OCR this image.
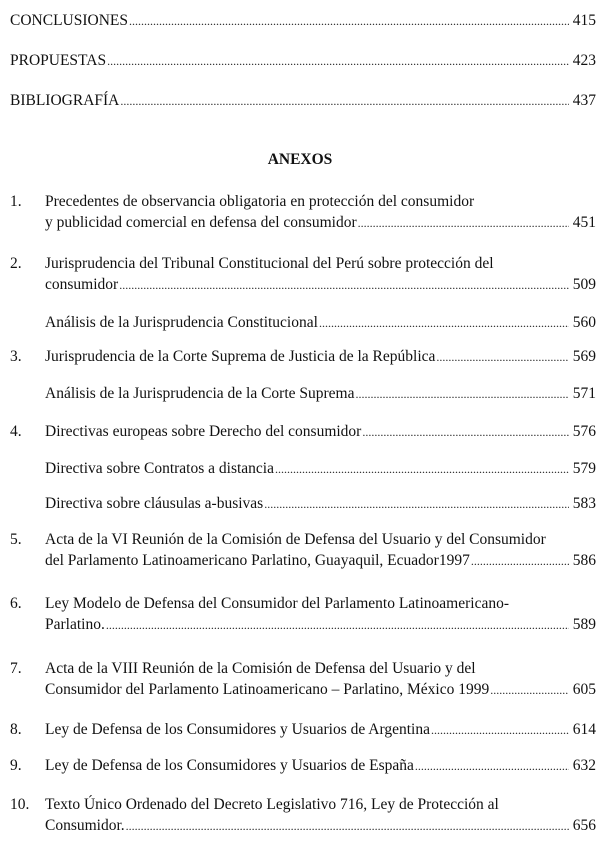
CONCLUSIONES .....	415
PROPUESTAS .....	423
BIBLIOGRAFÍA .....	437
ANEXOS
1. Precedentes de observancia obligatoria en protección del consumidor
y publicidad comercial en defensa del consumidor .....	451
2. Jurisprudencia del Tribunal Constitucional del Perú sobre protección del
consumidor .....	509
Análisis de la Jurisprudencia Constitucional .....	560
3. Jurisprudencia de la Corte Suprema de Justicia de la República .....	569
Análisis de la Jurisprudencia de la Corte Suprema .....	571
4. Directivas europeas sobre Derecho del consumidor .....	576
Directiva sobre Contratos a distancia .....	579
Directiva sobre cláusulas a-busivas .....	583
5. Acta de la VI Reunión de la Comisión de Defensa del Usuario y del Consumidor
del Parlamento Latinoamericano Parlatino, Guayaquil, Ecuador1997 .....	586
6. Ley Modelo de Defensa del Consumidor del Parlamento Latinoamericano-
Parlatino. .....	589
7. Acta de la VIII Reunión de la Comisión de Defensa del Usuario y del
Consumidor del Parlamento Latinoamericano – Parlatino, México 1999 .....	605
8. Ley de Defensa de los Consumidores y Usuarios de Argentina .....	614
9. Ley de Defensa de los Consumidores y Usuarios de España .....	632
10. Texto Único Ordenado del Decreto Legislativo 716, Ley de Protección al
Consumidor. .....	656
